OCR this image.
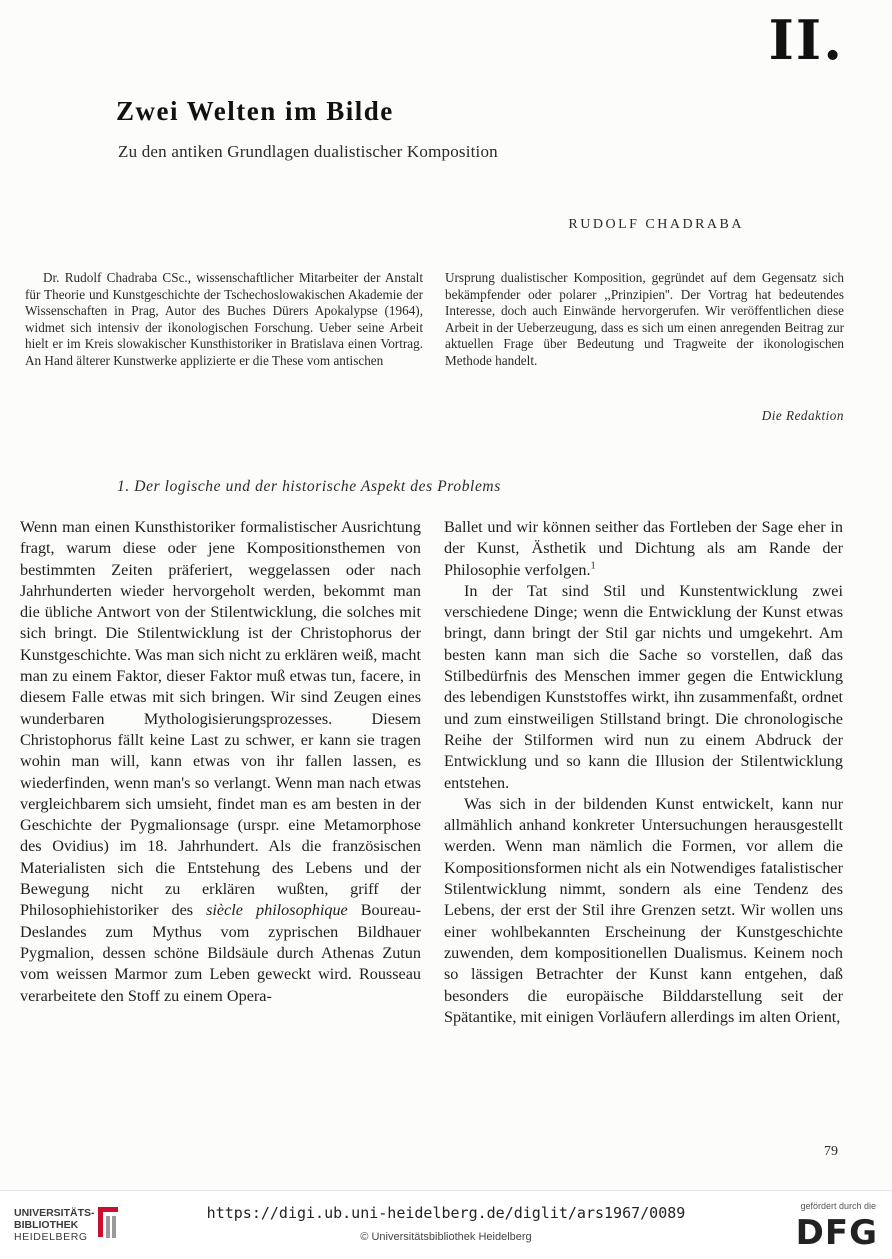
II.
Zwei Welten im Bilde
Zu den antiken Grundlagen dualistischer Komposition
RUDOLF CHADRABA
Dr. Rudolf Chadraba CSc., wissenschaftlicher Mitarbeiter der Anstalt für Theorie und Kunstgeschichte der Tschechoslowakischen Akademie der Wissenschaften in Prag, Autor des Buches Dürers Apokalypse (1964), widmet sich intensiv der ikonologischen Forschung. Ueber seine Arbeit hielt er im Kreis slowakischer Kunsthistoriker in Bratislava einen Vortrag. An Hand älterer Kunstwerke applizierte er die These vom antischen
Ursprung dualistischer Komposition, gegründet auf dem Gegensatz sich bekämpfender oder polarer ,,Prinzipien''. Der Vortrag hat bedeutendes Interesse, doch auch Einwände hervorgerufen. Wir veröffentlichen diese Arbeit in der Ueberzeugung, dass es sich um einen anregenden Beitrag zur aktuellen Frage über Bedeutung und Tragweite der ikonologischen Methode handelt.
Die Redaktion
1. Der logische und der historische Aspekt des Problems

Wenn man einen Kunsthistoriker formalistischer Ausrichtung fragt, warum diese oder jene Kompositionsthemen von bestimmten Zeiten präferiert, weggelassen oder nach Jahrhunderten wieder hervorgeholt werden, bekommt man die übliche Antwort von der Stilentwicklung, die solches mit sich bringt. Die Stilentwicklung ist der Christophorus der Kunstgeschichte. Was man sich nicht zu erklären weiß, macht man zu einem Faktor, dieser Faktor muß etwas tun, facere, in diesem Falle etwas mit sich bringen. Wir sind Zeugen eines wunderbaren Mythologisierungsprozesses. Diesem Christophorus fällt keine Last zu schwer, er kann sie tragen wohin man will, kann etwas von ihr fallen lassen, es wiederfinden, wenn man's so verlangt. Wenn man nach etwas vergleichbarem sich umsieht, findet man es am besten in der Geschichte der Pygmalionsage (urspr. eine Metamorphose des Ovidius) im 18. Jahrhundert. Als die französischen Materialisten sich die Entstehung des Lebens und der Bewegung nicht zu erklären wußten, griff der Philosophiehistoriker des siècle philosophique Boureau-Deslandes zum Mythus vom zyprischen Bildhauer Pygmalion, dessen schöne Bildsäule durch Athenas Zutun vom weissen Marmor zum Leben geweckt wird. Rousseau verarbeitete den Stoff zu einem Opera-

Ballet und wir können seither das Fortleben der Sage eher in der Kunst, Ästhetik und Dichtung als am Rande der Philosophie verfolgen.$^1$

In der Tat sind Stil und Kunstentwicklung zwei verschiedene Dinge; wenn die Entwicklung der Kunst etwas bringt, dann bringt der Stil gar nichts und umgekehrt. Am besten kann man sich die Sache so vorstellen, daß das Stilbedürfnis des Menschen immer gegen die Entwicklung des lebendigen Kunststoffes wirkt, ihn zusammenfaßt, ordnet und zum einstweiligen Stillstand bringt. Die chronologische Reihe der Stilformen wird nun zu einem Abdruck der Entwicklung und so kann die Illusion der Stilentwicklung entstehen.

Was sich in der bildenden Kunst entwickelt, kann nur allmählich anhand konkreter Untersuchungen herausgestellt werden. Wenn man nämlich die Formen, vor allem die Kompositionsformen nicht als ein Notwendiges fatalistischer Stilentwicklung nimmt, sondern als eine Tendenz des Lebens, der erst der Stil ihre Grenzen setzt. Wir wollen uns einer wohlbekannten Erscheinung der Kunstgeschichte zuwenden, dem kompositionellen Dualismus. Keinem noch so lässigen Betrachter der Kunst kann entgehen, daß besonders die europäische Bilddarstellung seit der Spätantike, mit einigen Vorläufern allerdings im alten Orient,

79
UNIVERSITÄTS-
BIBLIOTHEK
HEIDELBERG
https://digi.ub.uni-heidelberg.de/diglit/ars1967/0089
© Universitätsbibliothek Heidelberg
gefördert durch die
DFG
